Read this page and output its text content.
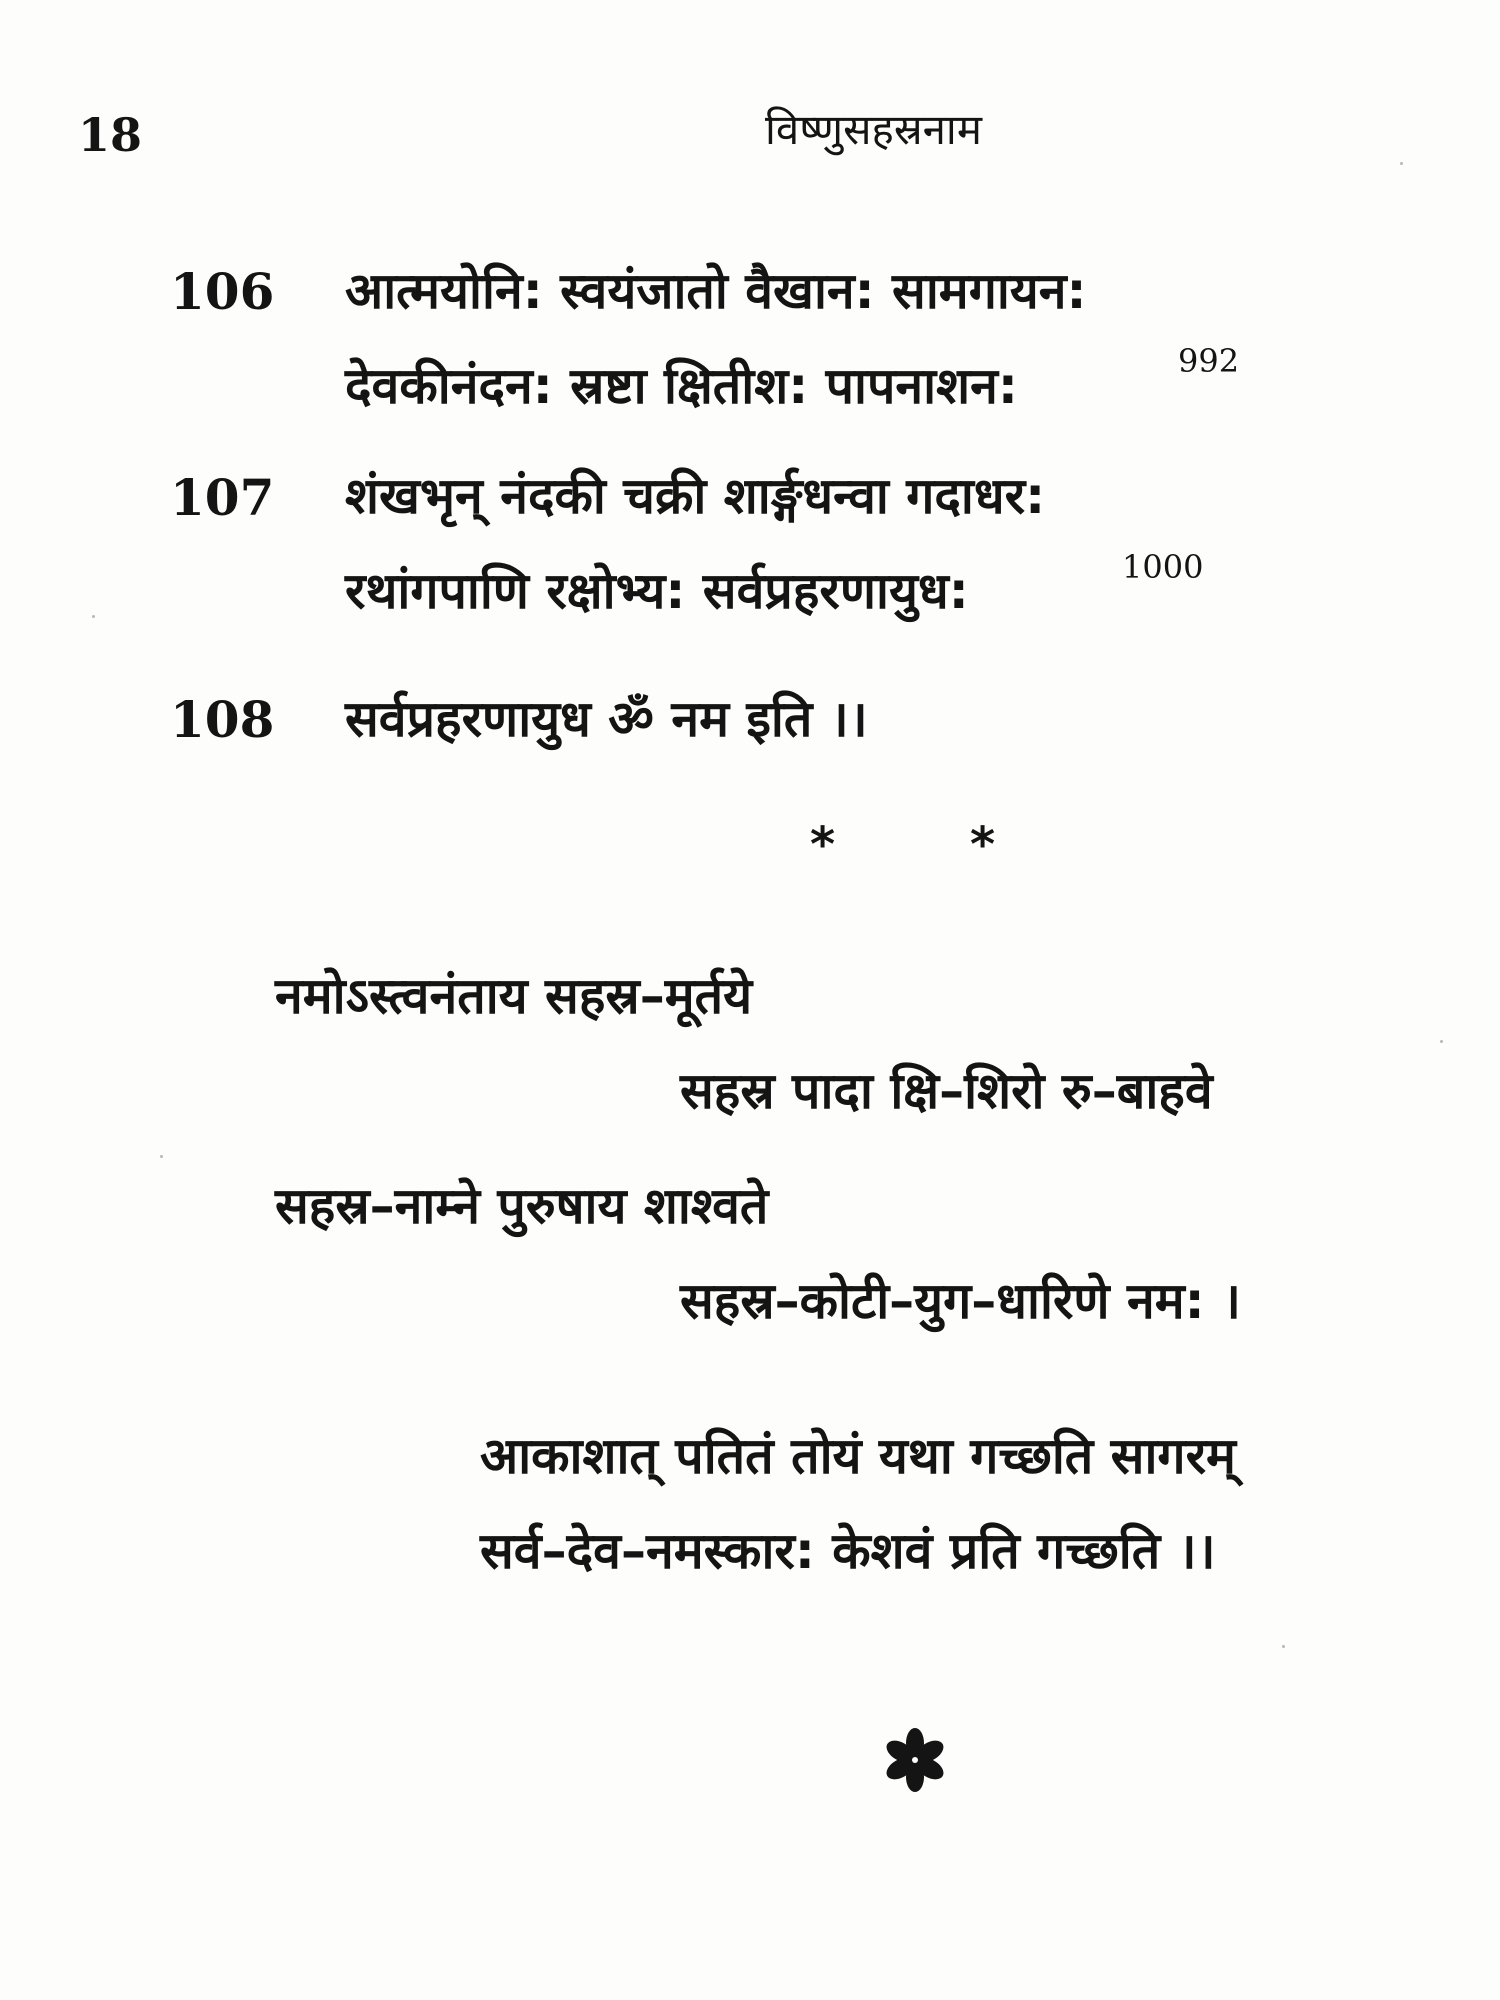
18	विष्णुसहस्रनाम
106 आत्मयोनि: स्वयंजातो वैखान: सामगायन:
देवकीनंदन: स्रष्टा क्षितीश: पापनाशन:	992
107 शंखभृन् नंदकी चक्री शार्ङ्गधन्वा गदाधर:
रथांगपाणि रक्षोभ्य: सर्वप्रहरणायुध:	1000
108 सर्वप्रहरणायुध ॐ नम इति ।।
*	*
नमोऽस्त्वनंताय सहस्र–मूर्तये
सहस्र पादा क्षि–शिरो रु–बाहवे
सहस्र–नाम्ने पुरुषाय शाश्वते
सहस्र–कोटी–युग–धारिणे नम: ।
आकाशात् पतितं तोयं यथा गच्छति सागरम्
सर्व–देव–नमस्कार: केशवं प्रति गच्छति ।।
